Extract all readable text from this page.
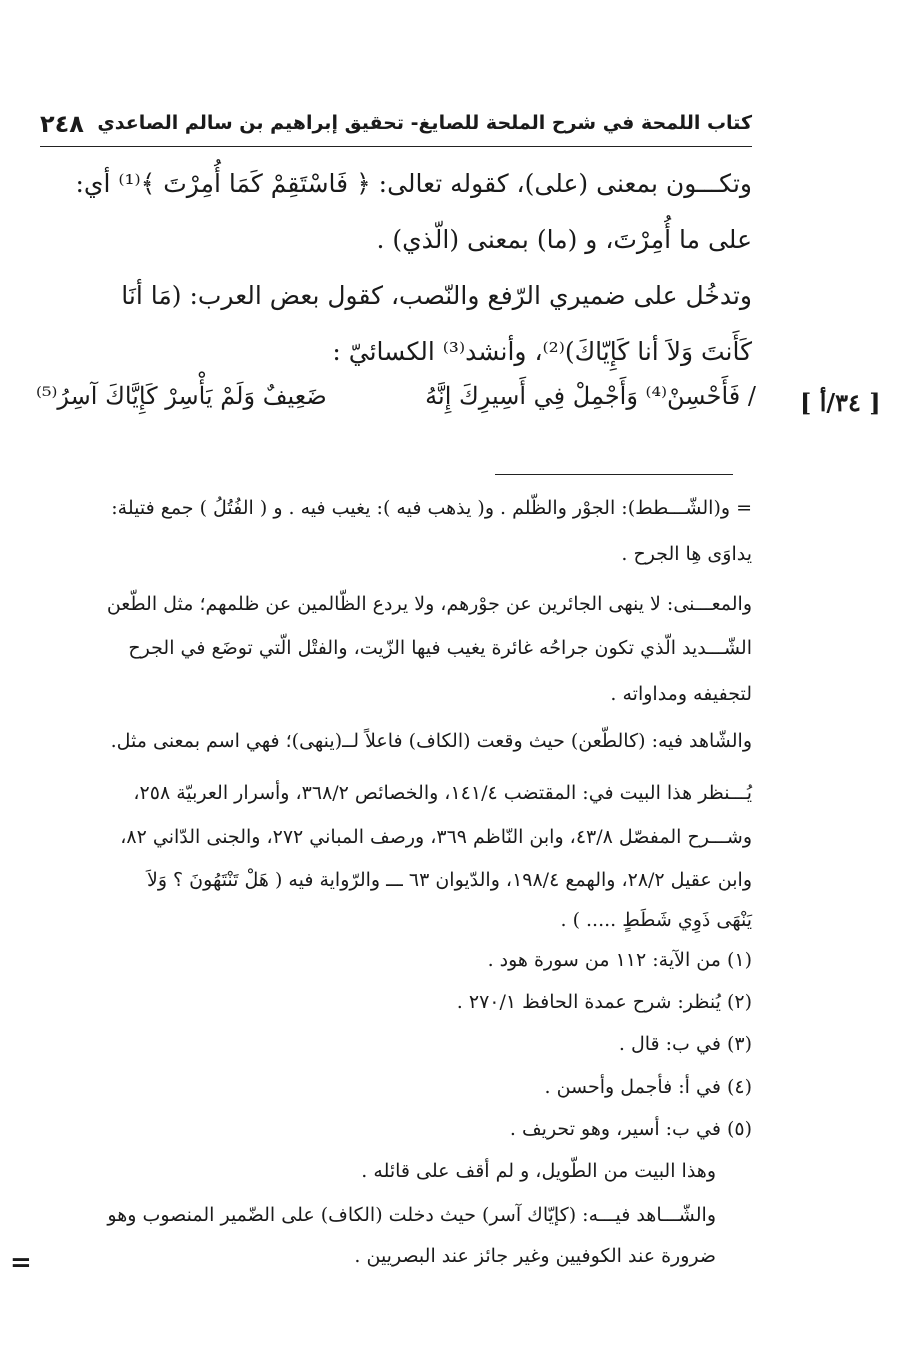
كتاب اللمحة في شرح الملحة للصايغ- تحقيق إبراهيم بن سالم الصاعدي
٢٤٨
وتكـــون بمعنى (على)، كقوله تعالى: ﴿ فَاسْتَقِمْ كَمَا أُمِرْتَ ﴾⁽¹⁾ أي:
على ما أُمِرْتَ، و (ما) بمعنى (الّذي) .
وتدخُل على ضميري الرّفع والنّصب، كقول بعض العرب: (مَا أنَا
كَأَنتَ وَلاَ أنا كَإِيّاكَ)⁽²⁾، وأنشد⁽³⁾ الكسائيّ :
/ فَأَحْسِنْ⁽⁴⁾ وَأَجْمِلْ فِي أَسِيرِكَ إِنَّهُ
ضَعِيفٌ وَلَمْ يَأْسِرْ كَإِيَّاكَ آسِرُ⁽⁵⁾	[ ٣٤/أ ]
= و(الشّـــطط): الجوْر والظّلم . و( يذهب فيه ): يغيب فيه . و ( الفُتُلُ ) جمع فتيلة:
يداوَى هِا الجرح .
والمعـــنى: لا ينهى الجائرين عن جوْرهم، ولا يردع الظّالمين عن ظلمهم؛ مثل الطّعن
الشّـــديد الّذي تكون جراحُه غائرة يغيب فيها الزّيت، والفتْل الّتي توضَع في الجرح
لتجفيفه ومداواته .
والشّاهد فيه: (كالطّعن) حيث وقعت (الكاف) فاعلاً لــ(ينهى)؛ فهي اسم بمعنى مثل.
يُـــنظر هذا البيت في: المقتضب ١٤١/٤، والخصائص ٣٦٨/٢، وأسرار العربيّة ٢٥٨،
وشـــرح المفصّل ٤٣/٨، وابن النّاظم ٣٦٩، ورصف المباني ٢٧٢، والجنى الدّاني ٨٢،
وابن عقيل ٢٨/٢، والهمع ١٩٨/٤، والدّيوان ٦٣ ـــ والرّواية فيه ( هَلْ تَنْتَهُونَ ؟ وَلاَ
يَنْهَى ذَوِي شَطَطٍ ..... ) .
(١) من الآية: ١١٢ من سورة هود .
(٢) يُنظر: شرح عمدة الحافظ ٢٧٠/١ .
(٣) في ب: قال .
(٤) في أ: فأجمل وأحسن .
(٥) في ب: أسير، وهو تحريف .
وهذا البيت من الطّويل، و لم أقف على قائله .
والشّـــاهد فيـــه: (كإيّاك آسر) حيث دخلت (الكاف) على الضّمير المنصوب وهو
ضرورة عند الكوفيين وغير جائز عند البصريين .
=
